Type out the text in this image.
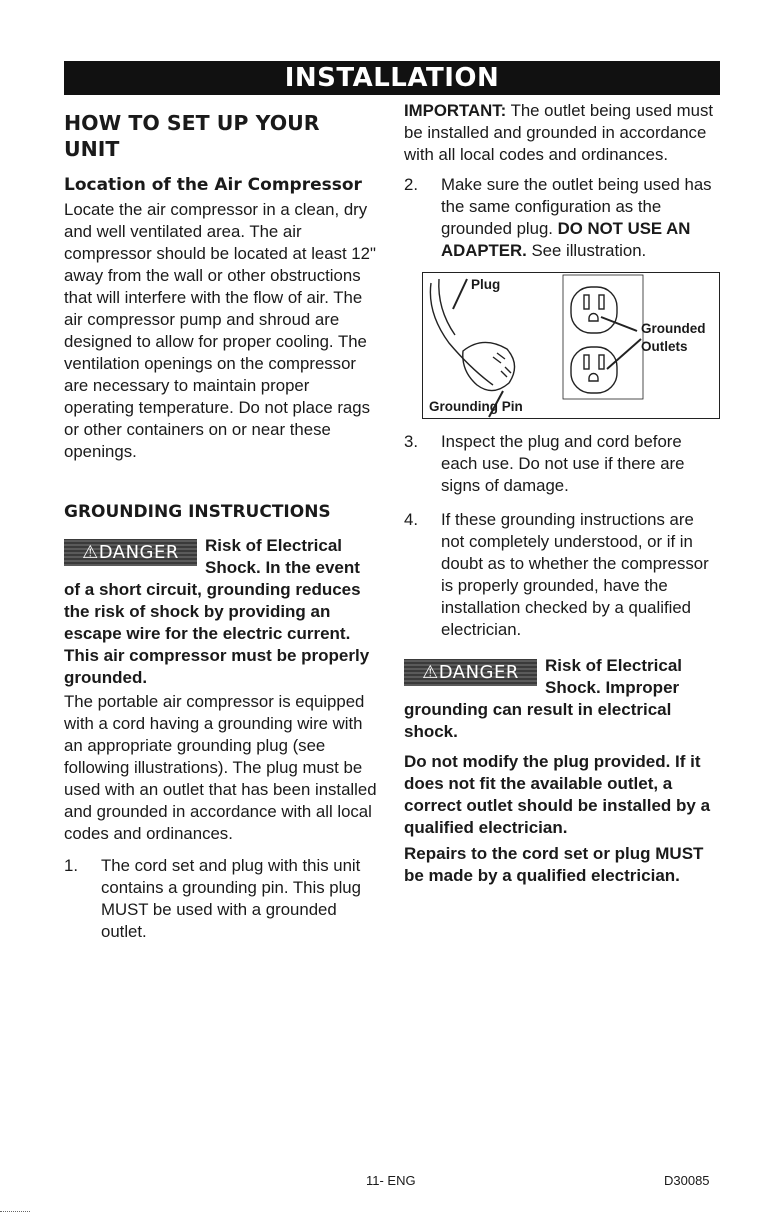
INSTALLATION
HOW TO SET UP YOUR UNIT
Location of the Air Compressor

Locate the air compressor in a clean, dry and well ventilated area. The air compressor should be located at least 12" away from the wall or other obstructions that will interfere with the flow of air. The air compressor pump and shroud are designed to allow for proper cooling. The ventilation openings on the compressor are necessary to maintain proper operating temperature. Do not place rags or other containers on or near these openings.

GROUNDING INSTRUCTIONS
⚠DANGER	Risk of Electrical Shock. In the event
of a short circuit, grounding reduces the risk of shock by providing an escape wire for the electric current. This air compressor must be properly grounded.

The portable air compressor is equipped with a cord having a grounding wire with an appropriate grounding plug (see following illustrations). The plug must be used with an outlet that has been installed and grounded in accordance with all local codes and ordinances.

1. The cord set and plug with this unit contains a grounding pin. This plug MUST be used with a grounded outlet.

IMPORTANT: The outlet being used must be installed and grounded in accordance with all local codes and ordinances.

2. Make sure the outlet being used has the same configuration as the grounded plug. DO NOT USE AN ADAPTER. See illustration.
Plug
Grounded
Outlets
Grounding Pin
3. Inspect the plug and cord before each use. Do not use if there are signs of damage.
4. If these grounding instructions are not completely understood, or if in doubt as to whether the compressor is properly grounded, have the installation checked by a qualified electrician.
⚠DANGER	Risk of Electrical Shock. Improper
grounding can result in electrical shock.
Do not modify the plug provided. If it does not fit the available outlet, a correct outlet should be installed by a qualified electrician.
Repairs to the cord set or plug MUST be made by a qualified electrician.
11- ENG	D30085
